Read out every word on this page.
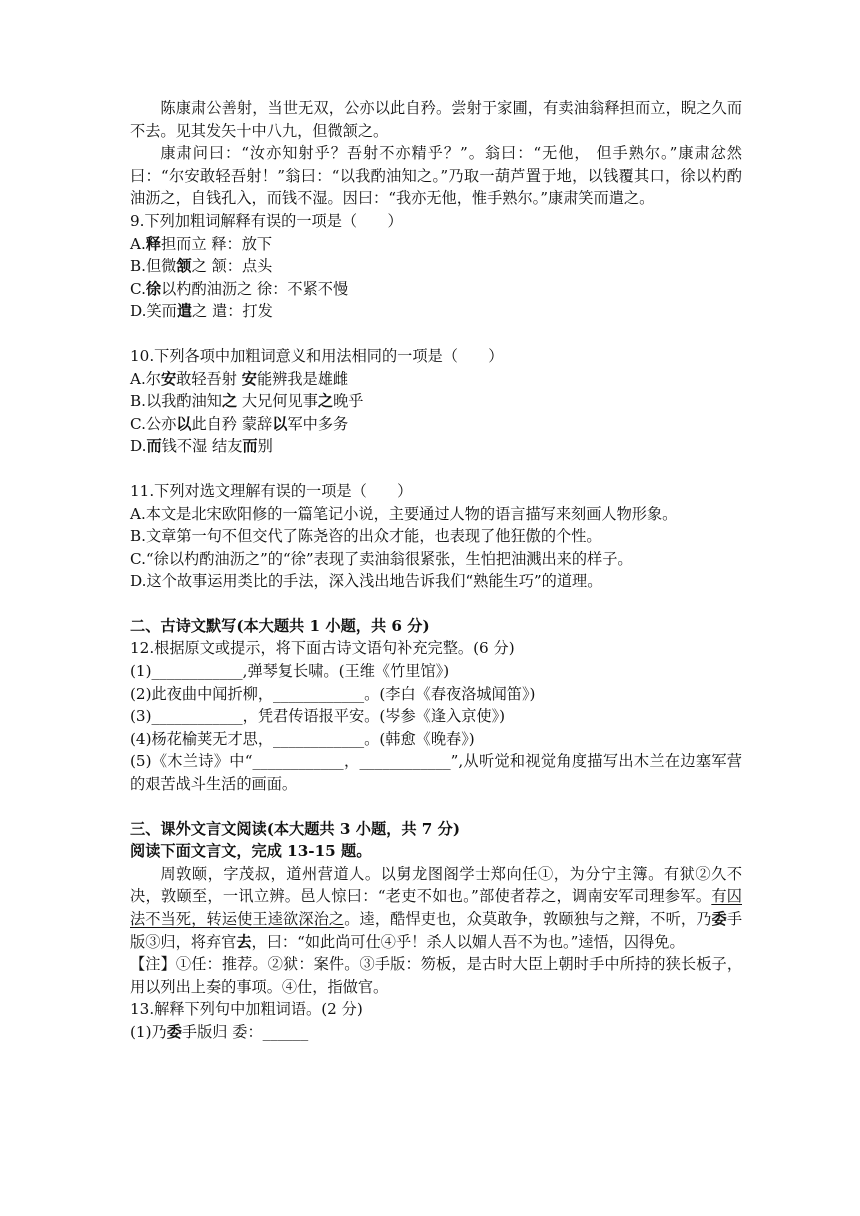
陈康肃公善射，当世无双，公亦以此自矜。尝射于家圃，有卖油翁释担而立，睨之久而不去。见其发矢十中八九，但微颔之。

康肃问曰：“汝亦知射乎？吾射不亦精乎？”。翁曰：“无他， 但手熟尔。”康肃忿然曰：“尔安敢轻吾射！”翁曰：“以我酌油知之。”乃取一葫芦置于地，以钱覆其口，徐以杓酌油沥之，自钱孔入，而钱不湿。因曰：“我亦无他，惟手熟尔。”康肃笑而遣之。

9.下列加粗词解释有误的一项是（　　）

A.释担而立 释：放下

B.但微颔之 颔：点头

C.徐以杓酌油沥之 徐：不紧不慢

D.笑而遣之 遣：打发

10.下列各项中加粗词意义和用法相同的一项是（　　）

A.尔安敢轻吾射 安能辨我是雄雌

B.以我酌油知之 大兄何见事之晚乎

C.公亦以此自矜 蒙辞以军中多务

D.而钱不湿 结友而别

11.下列对选文理解有误的一项是（　　）

A.本文是北宋欧阳修的一篇笔记小说，主要通过人物的语言描写来刻画人物形象。

B.文章第一句不但交代了陈尧咨的出众才能，也表现了他狂傲的个性。

C.“徐以杓酌油沥之”的“徐”表现了卖油翁很紧张，生怕把油溅出来的样子。

D.这个故事运用类比的手法，深入浅出地告诉我们“熟能生巧”的道理。

二、古诗文默写(本大题共 1 小题，共 6 分)

12.根据原文或提示，将下面古诗文语句补充完整。(6 分)

(1)____________,弹琴复长啸。(王维《竹里馆》)

(2)此夜曲中闻折柳，____________。(李白《春夜洛城闻笛》)

(3)____________，凭君传语报平安。(岑参《逢入京使》)

(4)杨花榆荚无才思，____________。(韩愈《晚春》)

(5)《木兰诗》中“____________，____________”,从听觉和视觉角度描写出木兰在边塞军营的艰苦战斗生活的画面。

三、课外文言文阅读(本大题共 3 小题，共 7 分)

阅读下面文言文，完成 13-15 题。

周敦颐，字茂叔，道州营道人。以舅龙图阁学士郑向任①，为分宁主簿。有狱②久不决，敦颐至，一讯立辨。邑人惊曰：“老吏不如也。”部使者荐之，调南安军司理参军。有囚法不当死，转运使王逵欲深治之。逵，酷悍吏也，众莫敢争，敦颐独与之辩，不听，乃委手版③归，将弃官去，曰：“如此尚可仕④乎！杀人以媚人吾不为也。”逵悟，囚得免。

【注】①任：推荐。②狱：案件。③手版：笏板，是古时大臣上朝时手中所持的狭长板子，用以列出上奏的事项。④仕，指做官。

13.解释下列句中加粗词语。(2 分)

(1)乃委手版归 委：______
